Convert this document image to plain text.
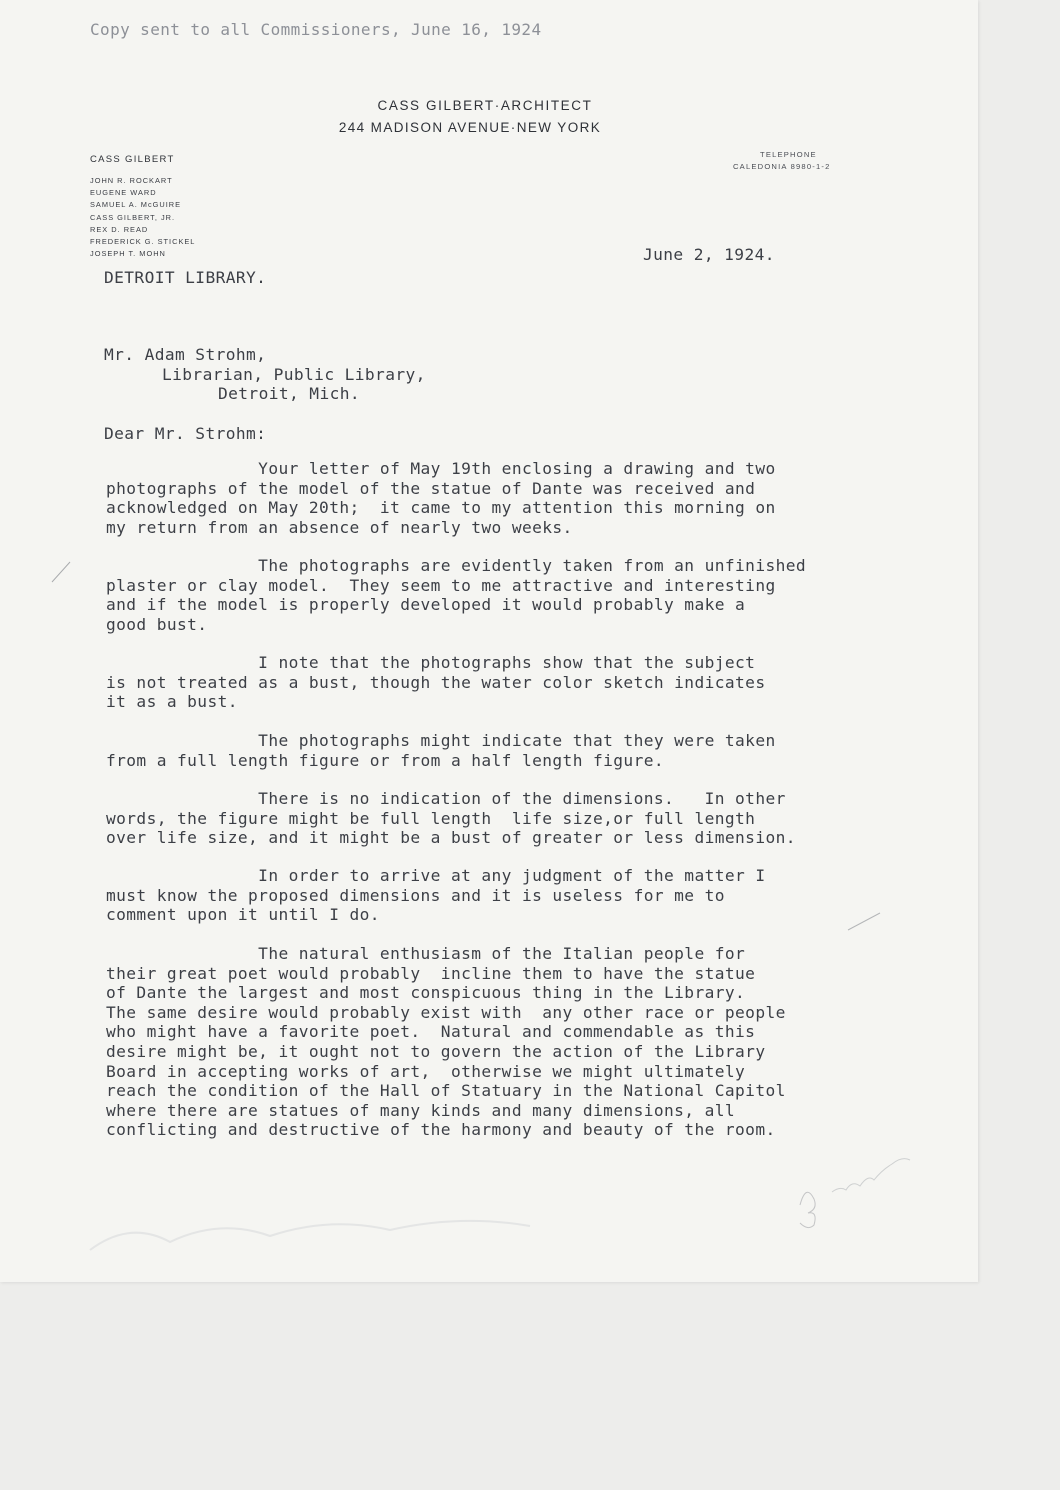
Copy sent to all Commissioners, June 16, 1924
CASS GILBERT·ARCHITECT
244 MADISON AVENUE·NEW YORK
CASS GILBERT
JOHN R. ROCKART
EUGENE WARD
SAMUEL A. McGUIRE
CASS GILBERT, JR.
REX D. READ
FREDERICK G. STICKEL
JOSEPH T. MOHN
TELEPHONE
CALEDONIA 8980-1-2
June 2, 1924.
DETROIT LIBRARY.
Mr. Adam Strohm,
Librarian, Public Library,
Detroit, Mich.
Dear Mr. Strohm:
Your letter of May 19th enclosing a drawing and two
photographs of the model of the statue of Dante was received and
acknowledged on May 20th;  it came to my attention this morning on
my return from an absence of nearly two weeks.
The photographs are evidently taken from an unfinished
plaster or clay model.  They seem to me attractive and interesting
and if the model is properly developed it would probably make a
good bust.
I note that the photographs show that the subject
is not treated as a bust, though the water color sketch indicates
it as a bust.
The photographs might indicate that they were taken
from a full length figure or from a half length figure.
There is no indication of the dimensions.   In other
words, the figure might be full length  life size,or full length
over life size, and it might be a bust of greater or less dimension.
In order to arrive at any judgment of the matter I
must know the proposed dimensions and it is useless for me to
comment upon it until I do.
The natural enthusiasm of the Italian people for
their great poet would probably  incline them to have the statue
of Dante the largest and most conspicuous thing in the Library.
The same desire would probably exist with  any other race or people
who might have a favorite poet.  Natural and commendable as this
desire might be, it ought not to govern the action of the Library
Board in accepting works of art,  otherwise we might ultimately
reach the condition of the Hall of Statuary in the National Capitol
where there are statues of many kinds and many dimensions, all
conflicting and destructive of the harmony and beauty of the room.
